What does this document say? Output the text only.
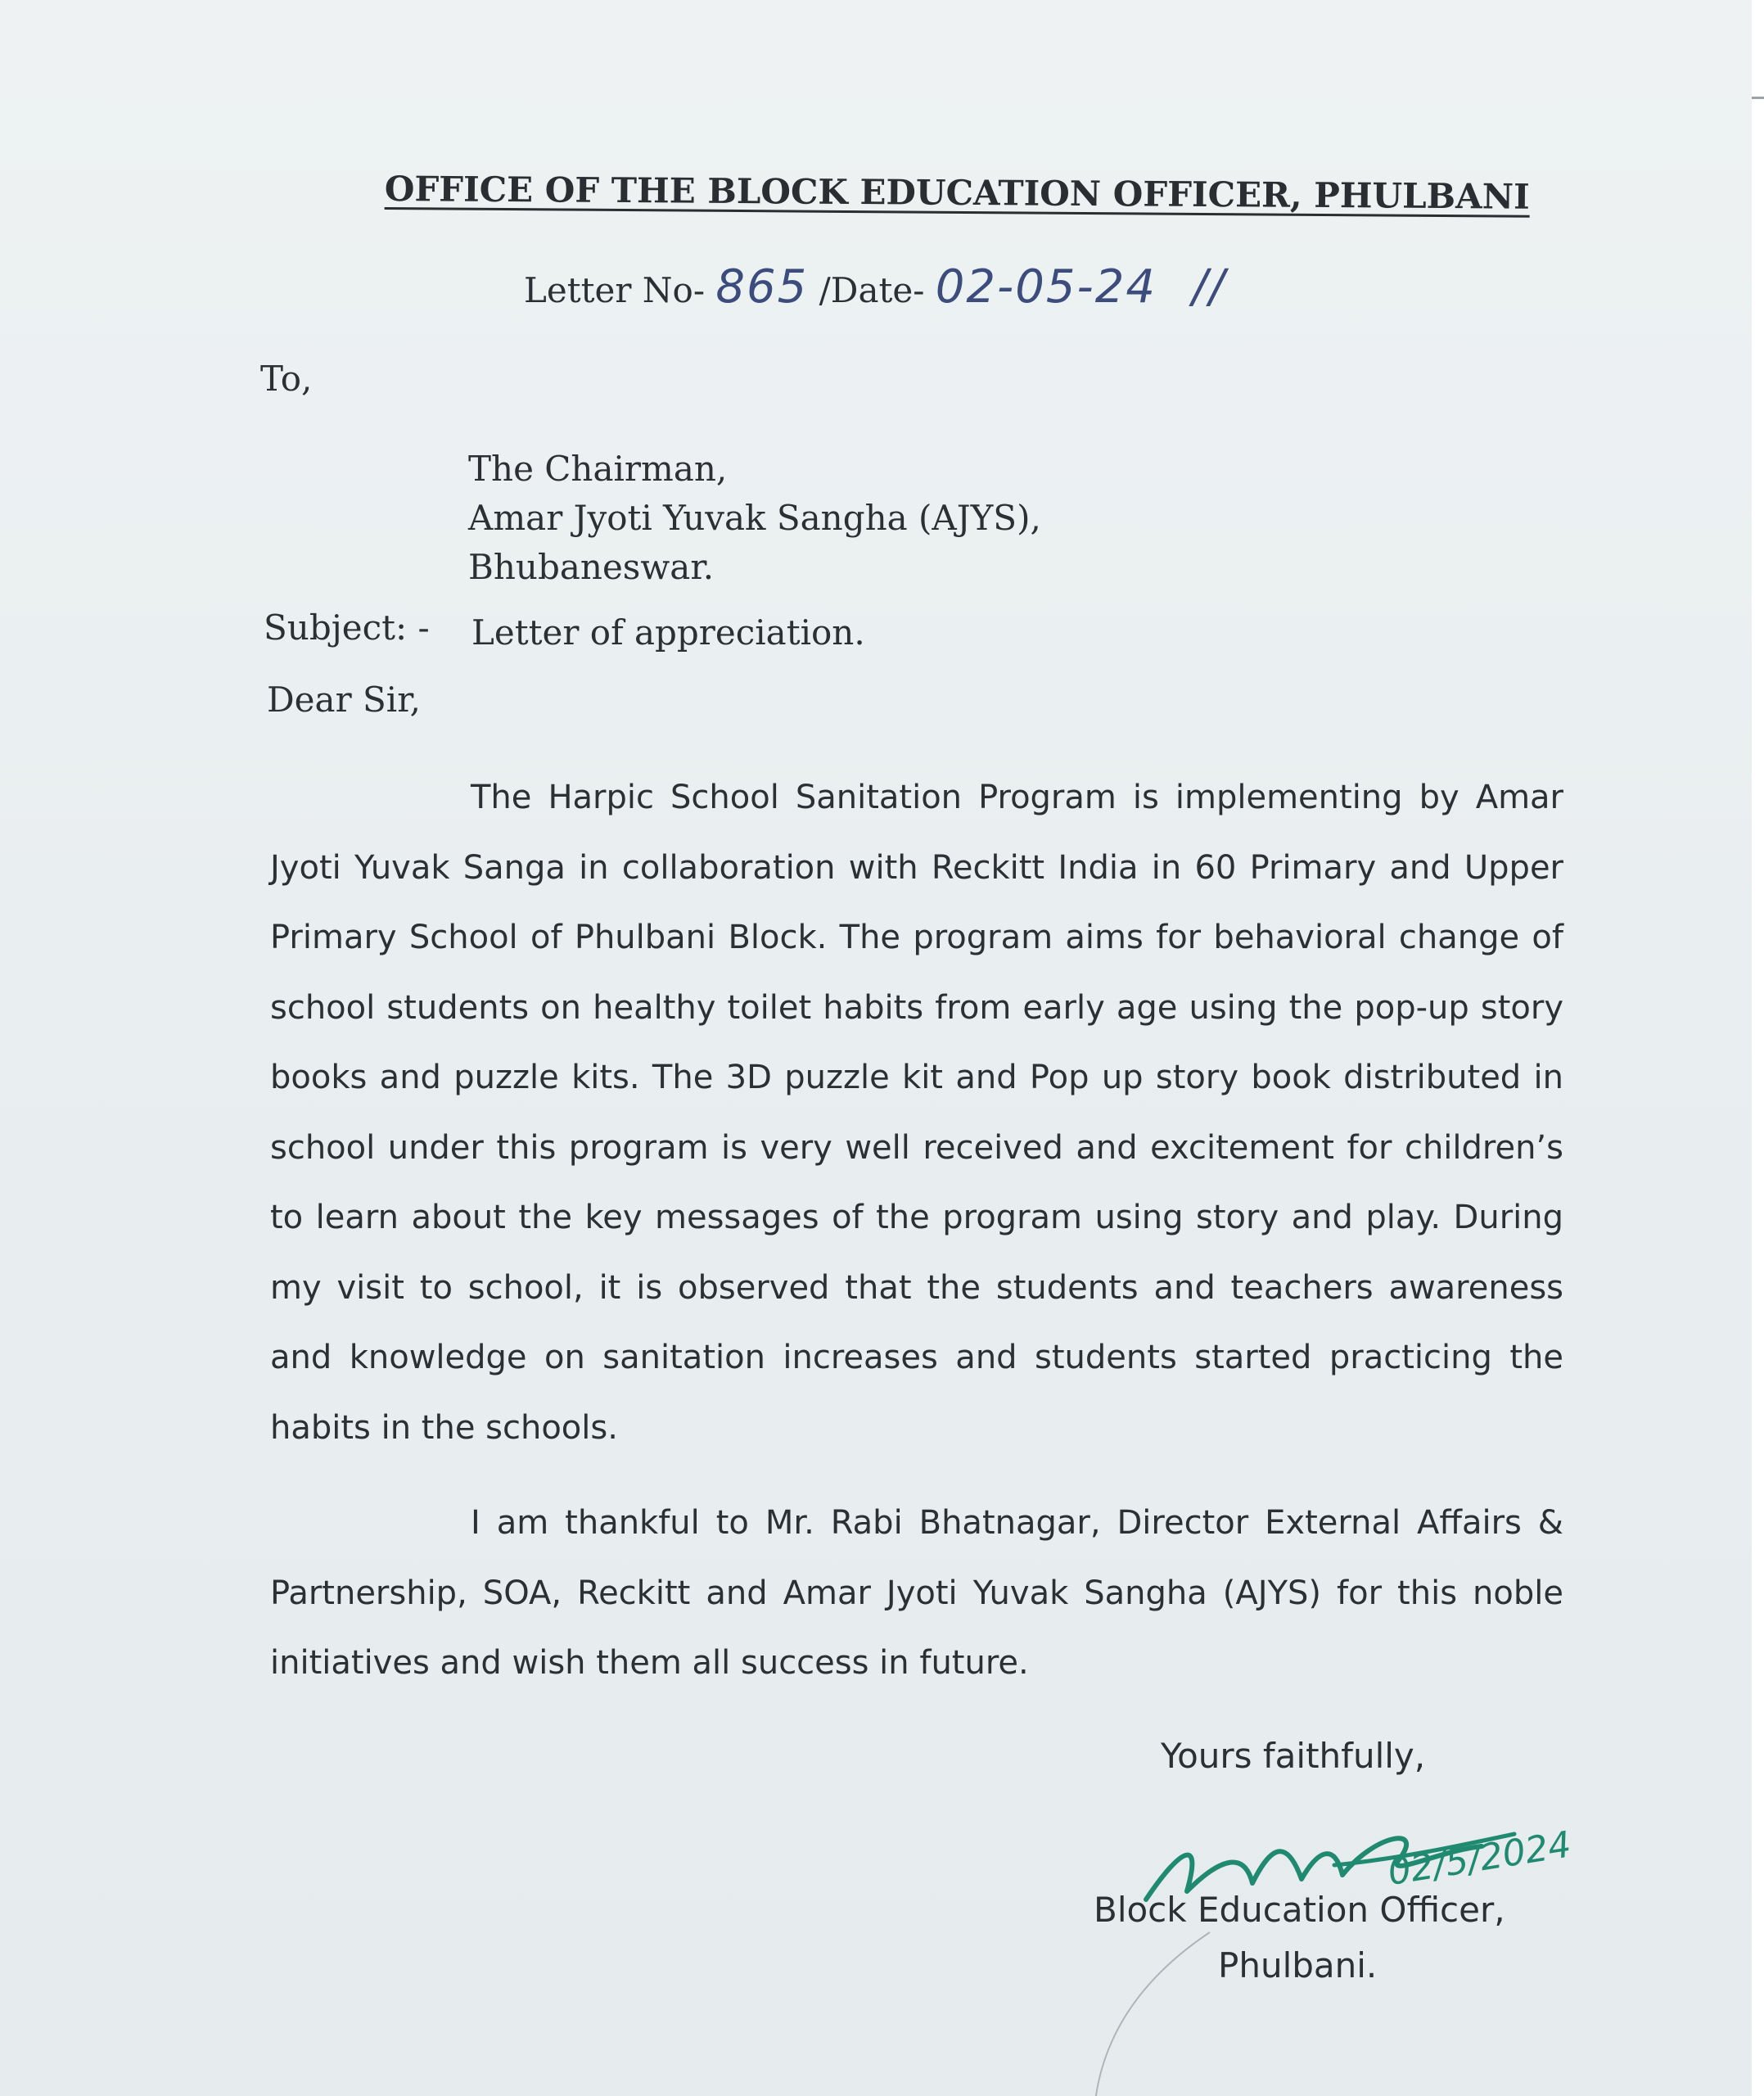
OFFICE OF THE BLOCK EDUCATION OFFICER, PHULBANI
Letter No- 865 /Date- 02-05-24 //
To,
The Chairman,
Amar Jyoti Yuvak Sangha (AJYS),
Bhubaneswar.
Subject: - Letter of appreciation.
Dear Sir,
The Harpic School Sanitation Program is implementing by Amar Jyoti Yuvak Sanga in collaboration with Reckitt India in 60 Primary and Upper Primary School of Phulbani Block. The program aims for behavioral change of school students on healthy toilet habits from early age using the pop-up story books and puzzle kits. The 3D puzzle kit and Pop up story book distributed in school under this program is very well received and excitement for children’s to learn about the key messages of the program using story and play. During my visit to school, it is observed that the students and teachers awareness and knowledge on sanitation increases and students started practicing the habits in the schools.
I am thankful to Mr. Rabi Bhatnagar, Director External Affairs & Partnership, SOA, Reckitt and Amar Jyoti Yuvak Sangha (AJYS) for this noble initiatives and wish them all success in future.
Yours faithfully,
02/5/2024
Block Education Officer,
Phulbani.
